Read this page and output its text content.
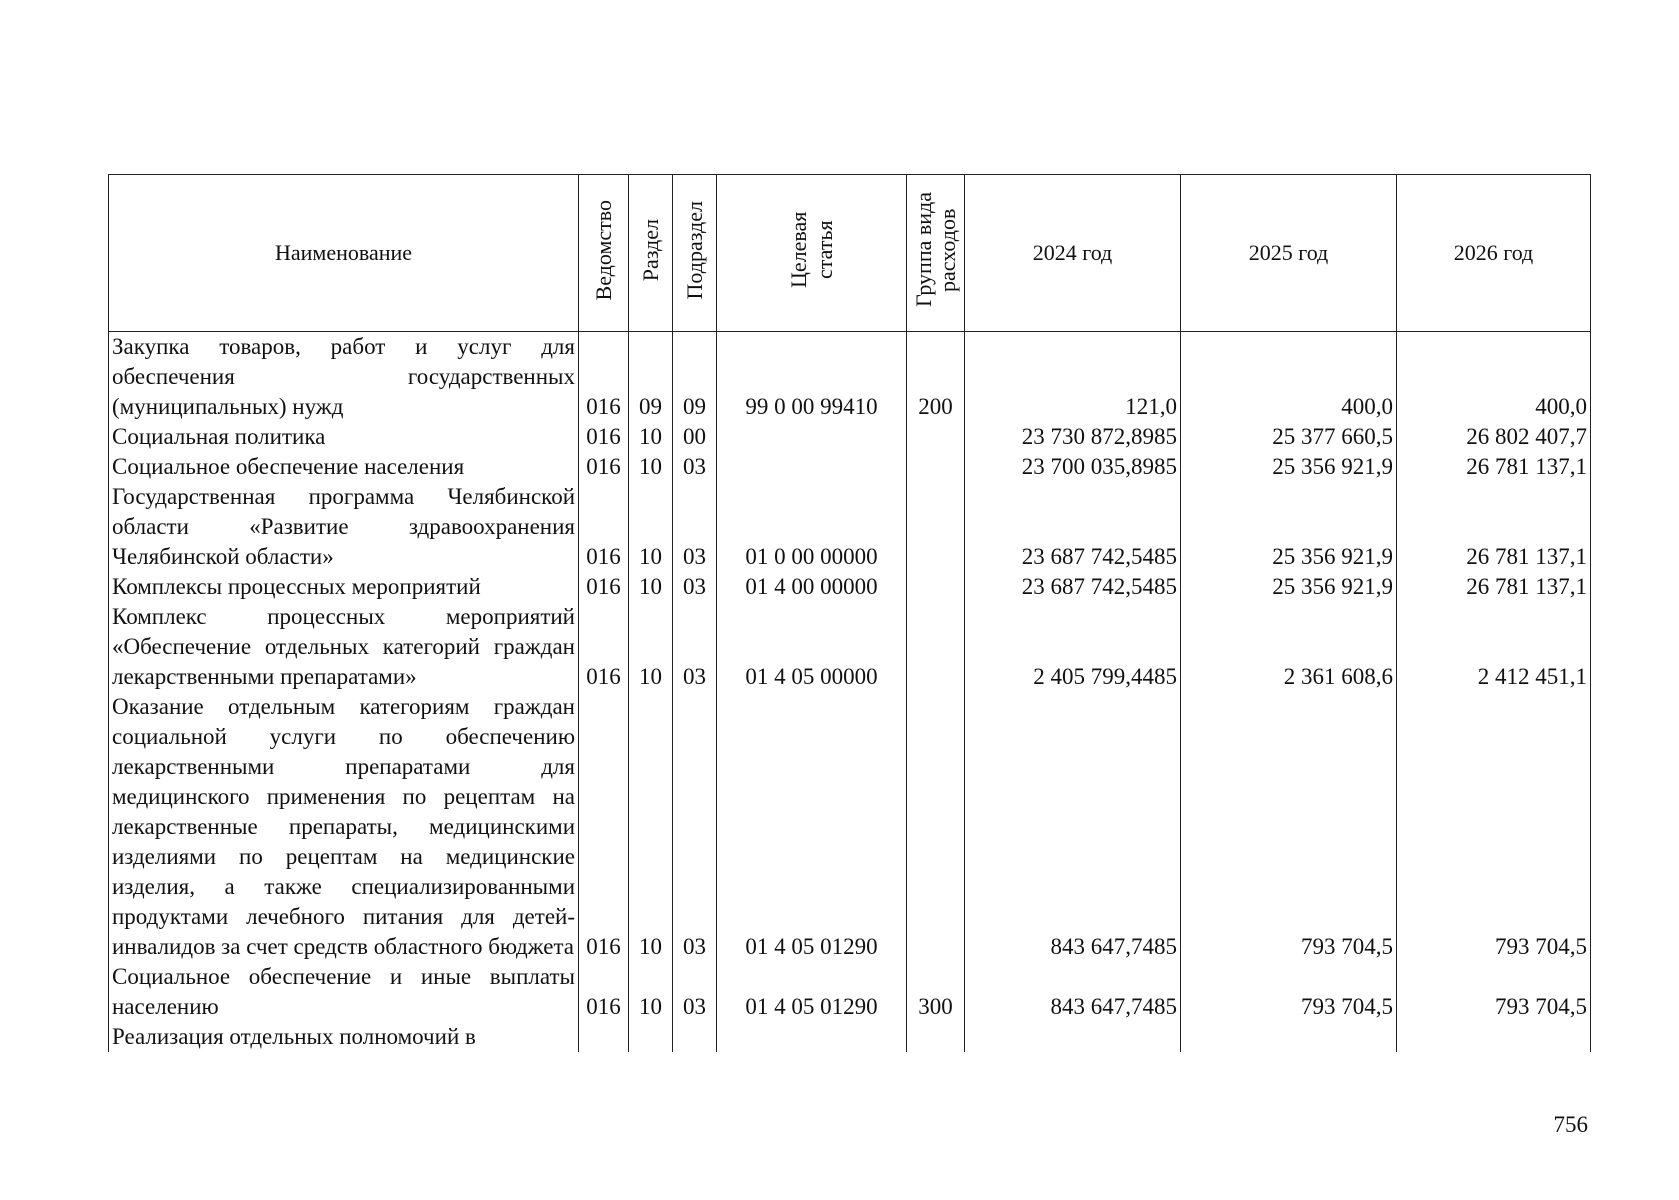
Наименование	Ведомство	Раздел	Подраздел	Целевая статья	Группа вида расходов	2024 год	2025 год	2026 год
Закупка товаров, работ и услуг для обеспечения государственных (муниципальных) нужд	016	09	09	99 0 00 99410	200	121,0	400,0	400,0
Социальная политика	016	10	00			23 730 872,8985	25 377 660,5	26 802 407,7
Социальное обеспечение населения	016	10	03			23 700 035,8985	25 356 921,9	26 781 137,1
Государственная программа Челябинской области «Развитие здравоохранения Челябинской области»	016	10	03	01 0 00 00000		23 687 742,5485	25 356 921,9	26 781 137,1
Комплексы процессных мероприятий	016	10	03	01 4 00 00000		23 687 742,5485	25 356 921,9	26 781 137,1
Комплекс процессных мероприятий «Обеспечение отдельных категорий граждан лекарственными препаратами»	016	10	03	01 4 05 00000		2 405 799,4485	2 361 608,6	2 412 451,1
Оказание отдельным категориям граждан социальной услуги по обеспечению лекарственными препаратами для медицинского применения по рецептам на лекарственные препараты, медицинскими изделиями по рецептам на медицинские изделия, а также специализированными продуктами лечебного питания для детей-инвалидов за счет средств областного бюджета	016	10	03	01 4 05 01290		843 647,7485	793 704,5	793 704,5
Социальное обеспечение и иные выплаты населению	016	10	03	01 4 05 01290	300	843 647,7485	793 704,5	793 704,5
Реализация отдельных полномочий в								
756
